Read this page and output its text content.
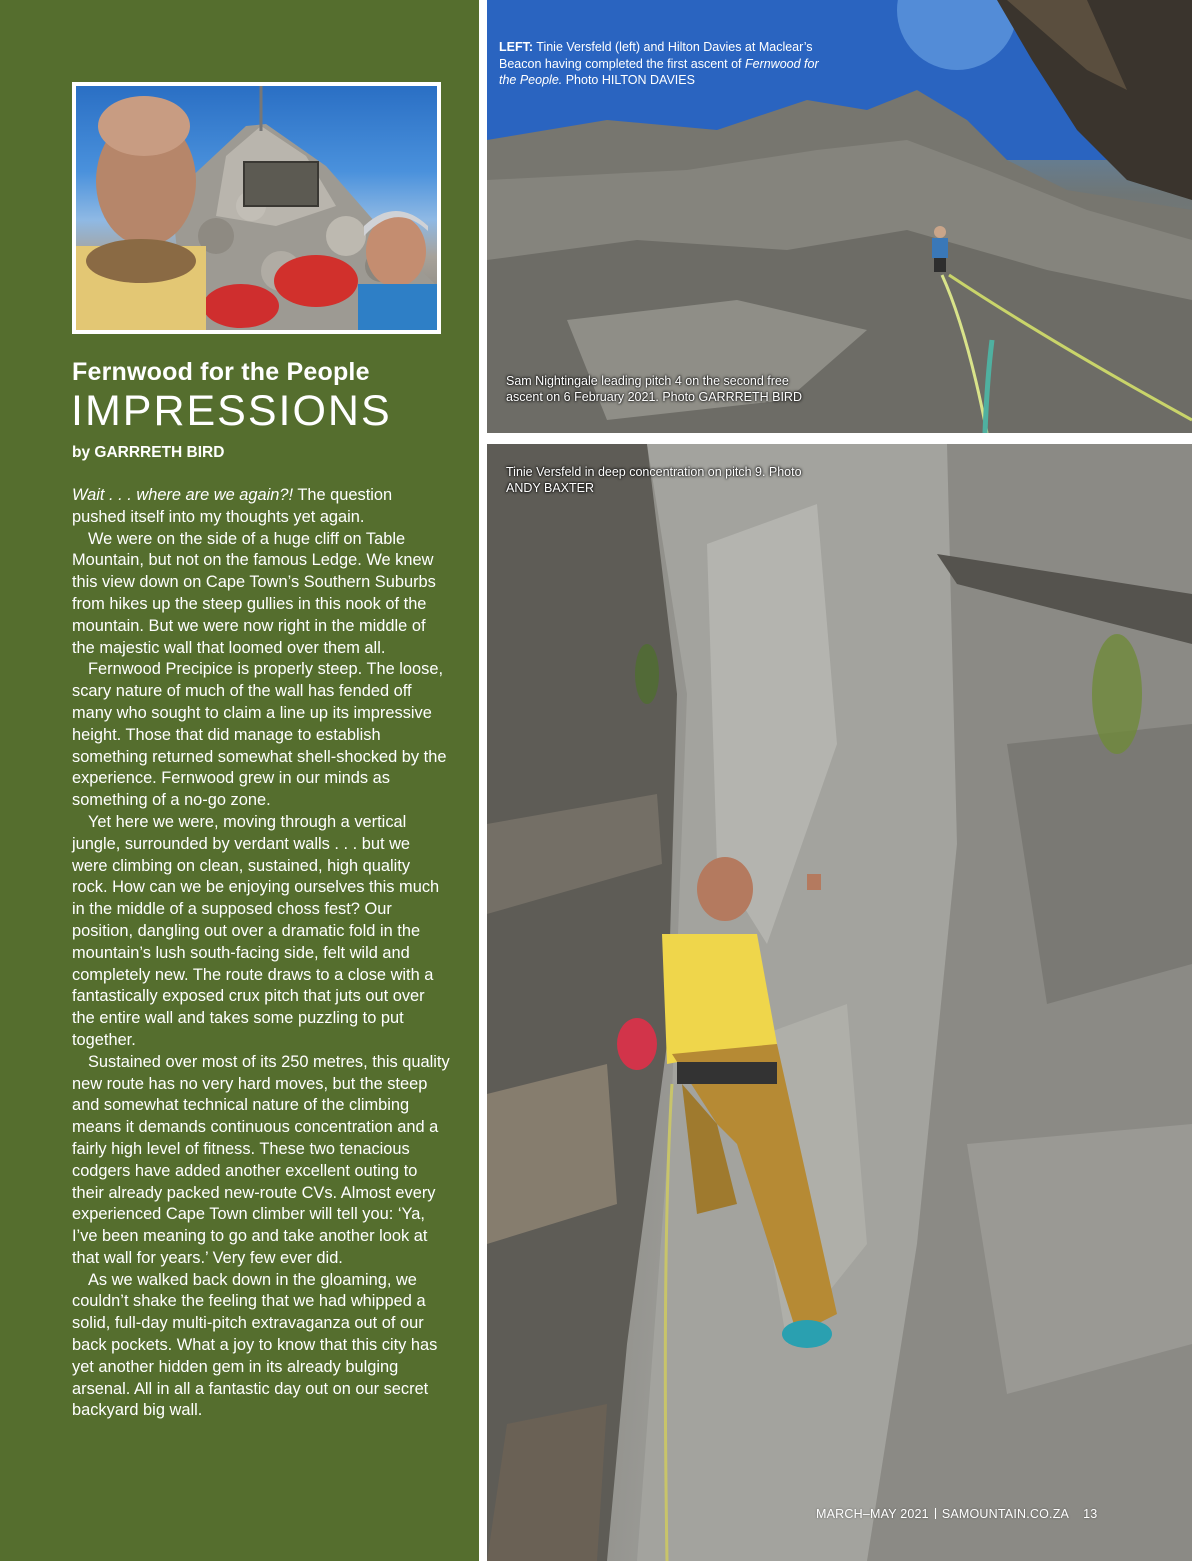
Fernwood for the People
IMPRESSIONS
by GARRRETH BIRD

Wait . . . where are we again?! The question pushed itself into my thoughts yet again.

We were on the side of a huge cliff on Table Mountain, but not on the famous Ledge. We knew this view down on Cape Town’s Southern Suburbs from hikes up the steep gullies in this nook of the mountain. But we were now right in the middle of the majestic wall that loomed over them all.

Fernwood Precipice is properly steep. The loose, scary nature of much of the wall has fended off many who sought to claim a line up its impressive height. Those that did manage to establish something returned somewhat shell-shocked by the experience. Fernwood grew in our minds as something of a no-go zone.

Yet here we were, moving through a vertical jungle, surrounded by verdant walls . . . but we were climbing on clean, sustained, high quality rock. How can we be enjoying ourselves this much in the middle of a supposed choss fest? Our position, dangling out over a dramatic fold in the mountain’s lush south-facing side, felt wild and completely new. The route draws to a close with a fantastically exposed crux pitch that juts out over the entire wall and takes some puzzling to put together.

Sustained over most of its 250 metres, this quality new route has no very hard moves, but the steep and somewhat technical nature of the climbing means it demands continuous concentration and a fairly high level of fitness. These two tenacious codgers have added another excellent outing to their already packed new-route CVs. Almost every experienced Cape Town climber will tell you: ‘Ya, I’ve been meaning to go and take another look at that wall for years.’ Very few ever did.

As we walked back down in the gloaming, we couldn’t shake the feeling that we had whipped a solid, full-day multi-pitch extravaganza out of our back pockets. What a joy to know that this city has yet another hidden gem in its already bulging arsenal. All in all a fantastic day out on our secret backyard big wall.

LEFT: Tinie Versfeld (left) and Hilton Davies at Maclear’s Beacon having completed the first ascent of Fernwood for the People. Photo HILTON DAVIES
Sam Nightingale leading pitch 4 on the second free ascent on 6 February 2021. Photo GARRRETH BIRD
Tinie Versfeld in deep concentration on pitch 9. Photo ANDY BAXTER
MARCH–MAY 2021 SAMOUNTAIN.CO.ZA 13
